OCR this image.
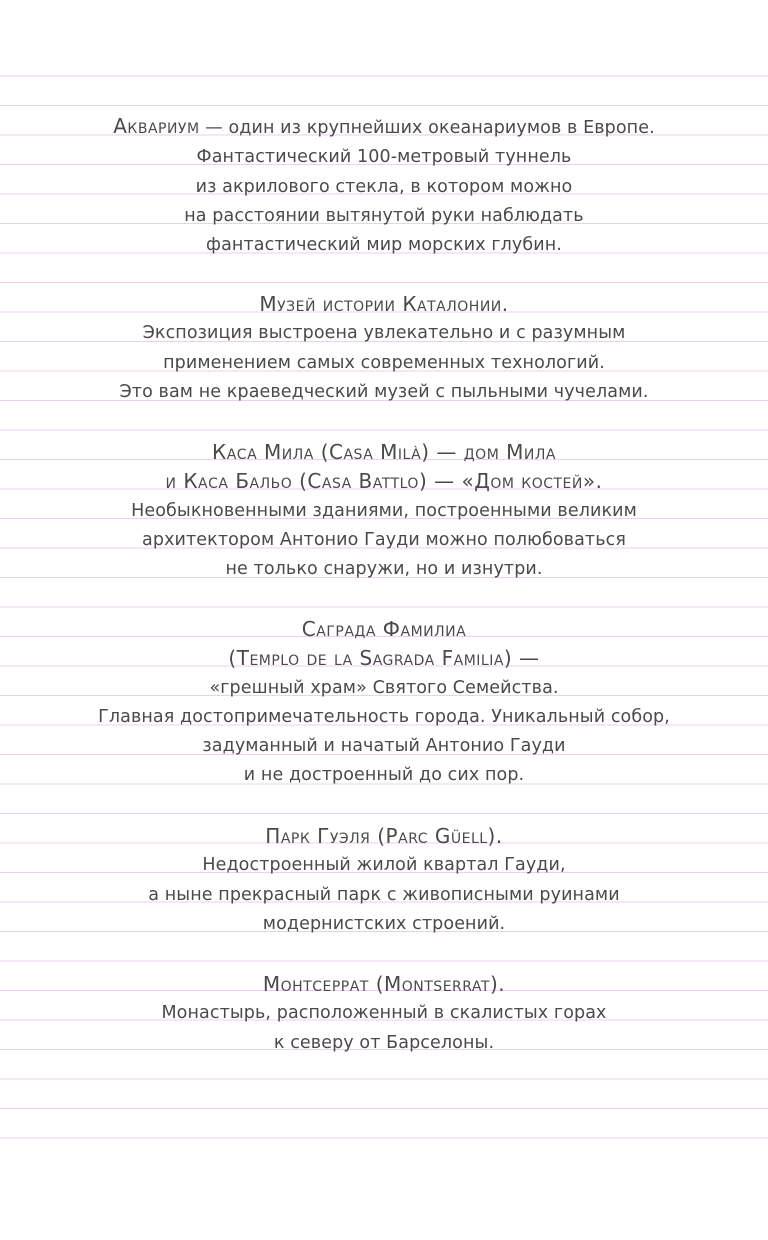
Аквариум — один из крупнейших океанариумов в Европе.
Фантастический 100-метровый туннель
из акрилового стекла, в котором можно
на расстоянии вытянутой руки наблюдать
фантастический мир морских глубин.
Музей истории Каталонии.
Экспозиция выстроена увлекательно и с разумным
применением самых современных технологий.
Это вам не краеведческий музей с пыльными чучелами.
Каса Мила (Casa Milà) — дом Мила
и Каса Бальо (Casa Battlo) — «Дом костей».
Необыкновенными зданиями, построенными великим
архитектором Антонио Гауди можно полюбоваться
не только снаружи, но и изнутри.
Саграда Фамилиа
(Templo de la Sagrada Familia) —
«грешный храм» Святого Семейства.
Главная достопримечательность города. Уникальный собор,
задуманный и начатый Антонио Гауди
и не достроенный до сих пор.
Парк Гуэля (Parc Güell).
Недостроенный жилой квартал Гауди,
а ныне прекрасный парк с живописными руинами
модернистских строений.
Монтсеррат (Montserrat).
Монастырь, расположенный в скалистых горах
к северу от Барселоны.
